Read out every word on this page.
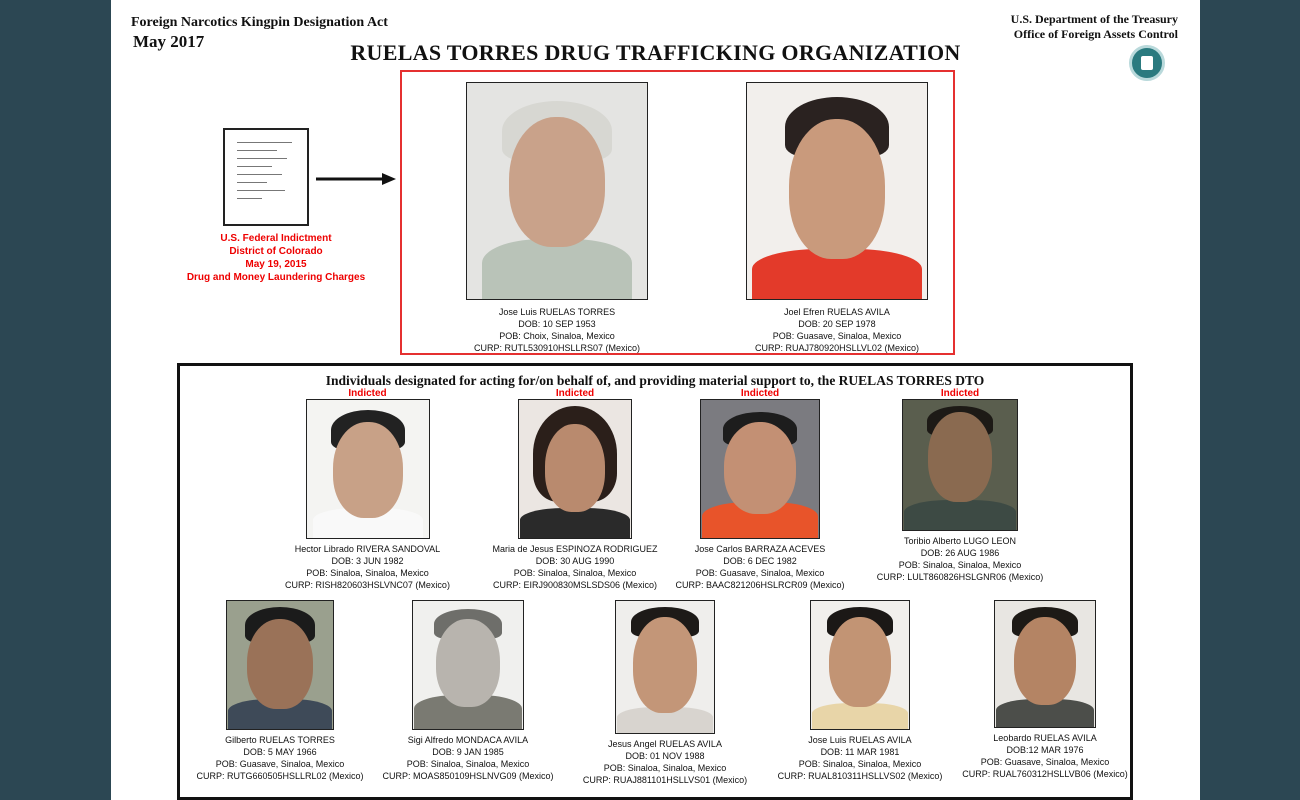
Foreign Narcotics Kingpin Designation Act
May 2017	RUELAS TORRES DRUG TRAFFICKING ORGANIZATION
U.S. Department of the Treasury
Office of Foreign Assets Control
U.S. Federal Indictment
District of Colorado
May 19, 2015
Drug and Money Laundering Charges
Jose Luis RUELAS TORRES
DOB: 10 SEP 1953
POB: Choix, Sinaloa, Mexico
CURP: RUTL530910HSLLRS07 (Mexico)
Joel Efren RUELAS AVILA
DOB: 20 SEP 1978
POB: Guasave, Sinaloa, Mexico
CURP: RUAJ780920HSLLVL02 (Mexico)
Individuals designated for acting for/on behalf of, and providing material support to, the RUELAS TORRES DTO
Indicted
Hector Librado RIVERA SANDOVAL
DOB: 3 JUN 1982
POB: Sinaloa, Sinaloa, Mexico
CURP: RISH820603HSLVNC07 (Mexico)
Indicted
Maria de Jesus ESPINOZA RODRIGUEZ
DOB: 30 AUG 1990
POB: Sinaloa, Sinaloa, Mexico
CURP: EIRJ900830MSLSDS06 (Mexico)
Indicted
Jose Carlos BARRAZA ACEVES
DOB: 6 DEC 1982
POB: Guasave, Sinaloa, Mexico
CURP: BAAC821206HSLRCR09 (Mexico)
Indicted
Toribio Alberto LUGO LEON
DOB: 26 AUG 1986
POB: Sinaloa, Sinaloa, Mexico
CURP: LULT860826HSLGNR06 (Mexico)
Gilberto RUELAS TORRES
DOB: 5 MAY 1966
POB: Guasave, Sinaloa, Mexico
CURP: RUTG660505HSLLRL02 (Mexico)
Sigi Alfredo MONDACA AVILA
DOB: 9 JAN 1985
POB: Sinaloa, Sinaloa, Mexico
CURP: MOAS850109HSLNVG09 (Mexico)
Jesus Angel RUELAS AVILA
DOB: 01 NOV 1988
POB: Sinaloa, Sinaloa, Mexico
CURP: RUAJ881101HSLLVS01 (Mexico)
Jose Luis RUELAS AVILA
DOB: 11 MAR 1981
POB: Sinaloa, Sinaloa, Mexico
CURP: RUAL810311HSLLVS02 (Mexico)
Leobardo RUELAS AVILA
DOB:12 MAR 1976
POB: Guasave, Sinaloa, Mexico
CURP: RUAL760312HSLLVB06 (Mexico)
